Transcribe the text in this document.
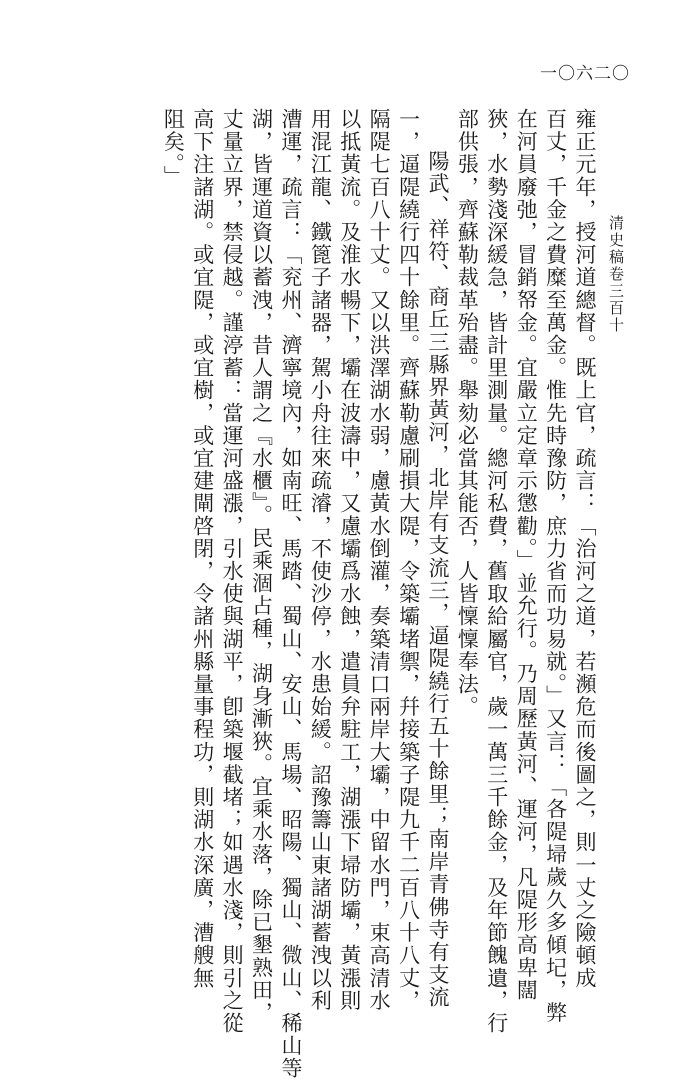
一〇六二〇
清史稿卷三百十
雍正元年，授河道總督。既上官，疏言：「治河之道，若瀕危而後圖之，則一丈之險頓成
百丈，千金之費糜至萬金。惟先時豫防，庶力省而功易就。」又言：「各隄埽歲久多傾圮，弊
在河員廢弛，冒銷帑金。宜嚴立定章示懲勸。」並允行。乃周歷黃河、運河，凡隄形高卑闊
狹，水勢淺深緩急，皆計里測量。總河私費，舊取給屬官，歲一萬三千餘金，及年節餽遺，行
部供張，齊蘇勒裁革殆盡。舉劾必當其能否，人皆懍懍奉法。
陽武、祥符、商丘三縣界黃河，北岸有支流三，逼隄繞行五十餘里；南岸青佛寺有支流
一，逼隄繞行四十餘里。齊蘇勒慮刷損大隄，令築壩堵禦，幷接築子隄九千二百八十八丈，
隔隄七百八十丈。又以洪澤湖水弱，慮黃水倒灌，奏築清口兩岸大壩，中留水門，束高清水
以抵黃流。及淮水暢下，壩在波濤中，又慮壩爲水蝕，遣員弁駐工，湖漲下埽防壩，黃漲則
用混江龍、鐵篦子諸器，駕小舟往來疏濬，不使沙停，水患始緩。詔豫籌山東諸湖蓄洩以利
漕運，疏言：「兖州、濟寧境內，如南旺、馬踏、蜀山、安山、馬場、昭陽、獨山、微山、稀山等
湖，皆運道資以蓄洩，昔人謂之『水櫃』。民乘涸占種，湖身漸狹。宜乘水落，除已墾熟田，
丈量立界，禁侵越。謹渟蓄：當運河盛漲，引水使與湖平，卽築堰截堵；如遇水淺，則引之從
高下注諸湖。或宜隄，或宜樹，或宜建閘啓閉，令諸州縣量事程功，則湖水深廣，漕艘無
阻矣。」
